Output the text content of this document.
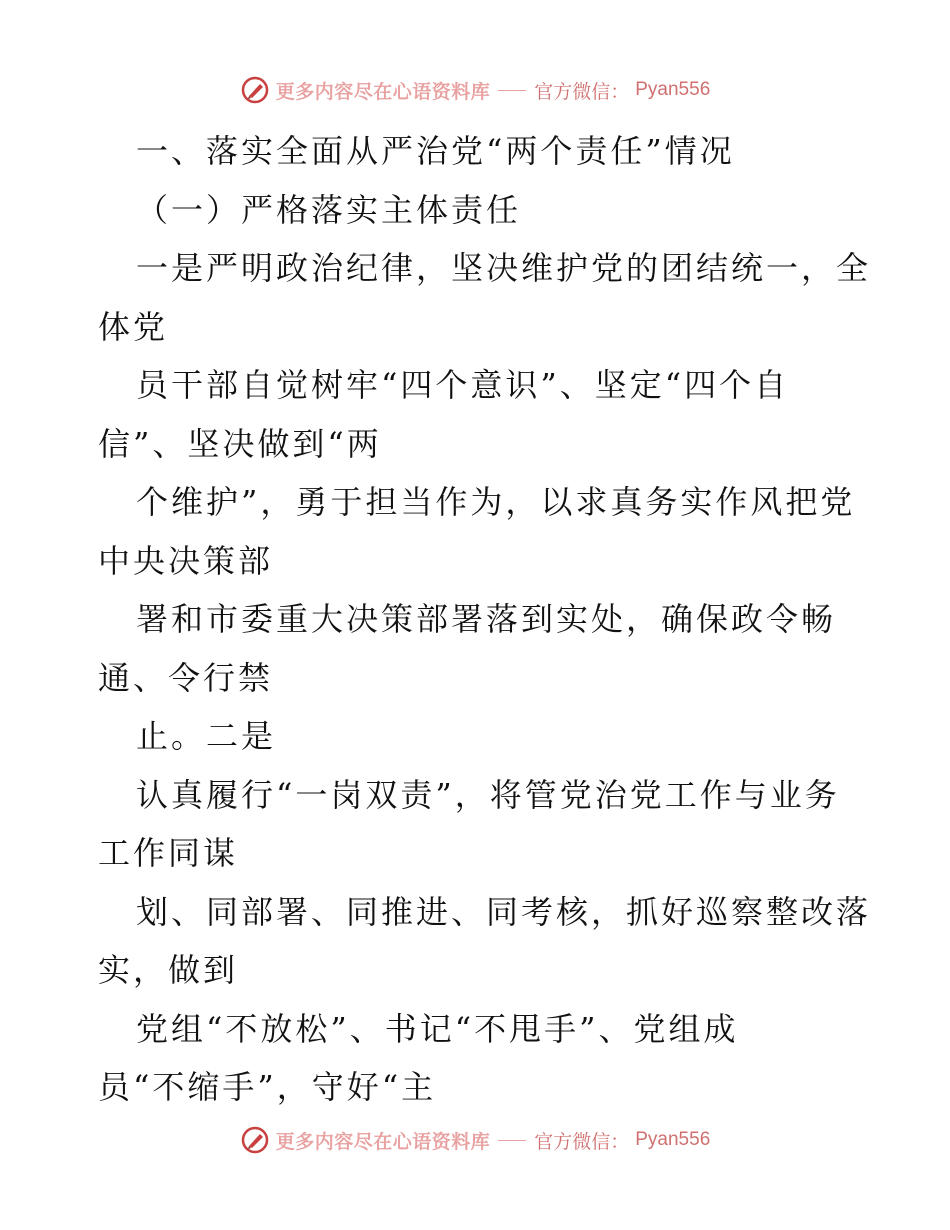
更多内容尽在心语资料库 官方微信： Pyan556
一、落实全面从严治党“两个责任”情况
（一）严格落实主体责任
一是严明政治纪律，坚决维护党的团结统一，全
体党
员干部自觉树牢“四个意识”、坚定“四个自
信”、坚决做到“两
个维护”，勇于担当作为，以求真务实作风把党
中央决策部
署和市委重大决策部署落到实处，确保政令畅
通、令行禁
止。二是
认真履行“一岗双责”，将管党治党工作与业务
工作同谋
划、同部署、同推进、同考核，抓好巡察整改落
实，做到
党组“不放松”、书记“不甩手”、党组成
员“不缩手”，守好“主
更多内容尽在心语资料库 官方微信： Pyan556
